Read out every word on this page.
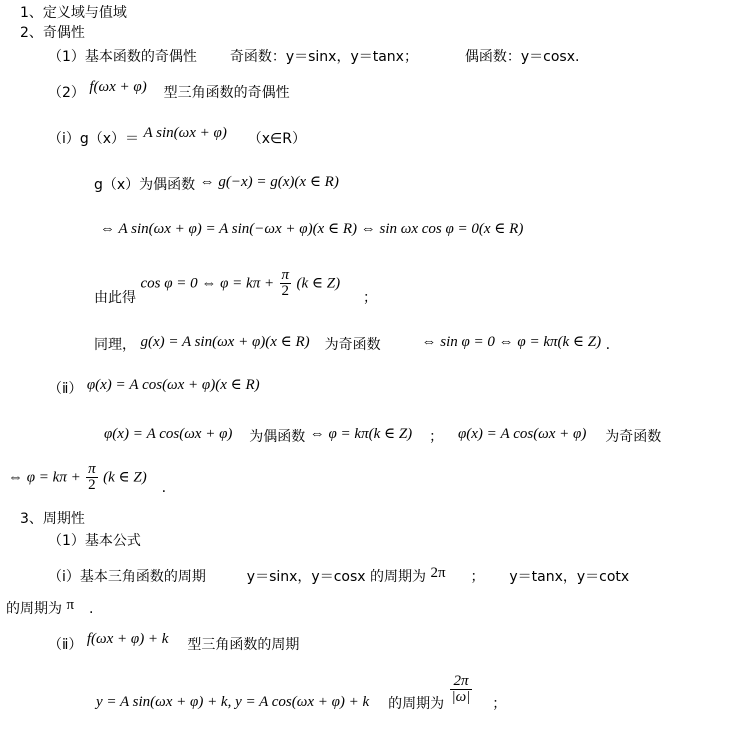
1、定义域与值域
2、奇偶性
（1）基本函数的奇偶性 奇函数：y＝sinx，y＝tanx；	偶函数：y＝cosx.
（2） f(ωx + φ) 型三角函数的奇偶性
（ⅰ）g（x）＝ A sin(ωx + φ) （x∈R）
g（x）为偶函数 ⇔ g(−x) = g(x)(x ∈ R)
⇔ A sin(ωx + φ) = A sin(−ωx + φ)(x ∈ R) ⇔ sin ωx cos φ = 0(x ∈ R)
由此得 cos φ = 0 ⇔ $\varphi = k\pi + \frac{\pi}{2} (k$ ∈ Z)  ；
同理， g(x) = A sin(ωx + φ)(x ∈ R) 为奇函数	⇔ sin φ = 0 ⇔ φ = kπ(k ∈ Z) .
（ⅱ） φ(x) = A cos(ωx + φ)(x ∈ R)
φ(x) = A cos(ωx + φ) 为偶函数 ⇔ φ = kπ(k ∈ Z) ； φ(x) = A cos(ωx + φ) 为奇函数
⇔ $\varphi = k\pi + \frac{\pi}{2} (k$ ∈ Z)  .
3、周期性
（1）基本公式
（ⅰ）基本三角函数的周期	y＝sinx，y＝cosx 的周期为 2π ； y＝tanx，y＝cotx
的周期为 π .
（ⅱ） f(ωx + φ) + k 型三角函数的周期
y = A sin(ωx + φ) + k, y = A cos(ωx + φ) + k 的周期为 $\frac{2\pi}{|\omega|}$ ；
